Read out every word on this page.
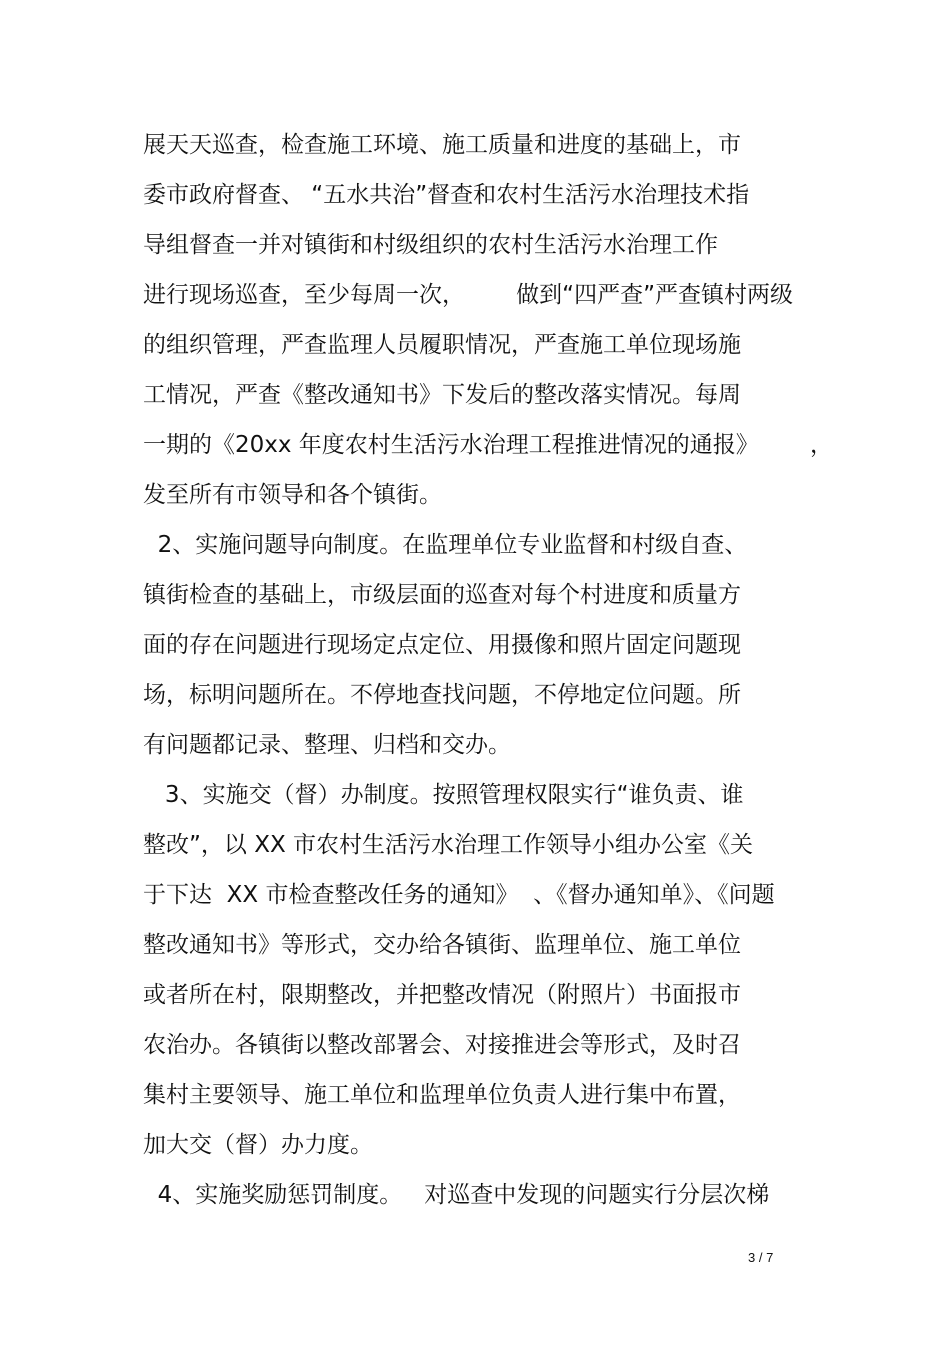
展天天巡查，检查施工环境、施工质量和进度的基础上，市
委市政府督查、 “五水共治”督查和农村生活污水治理技术指
导组督查一并对镇街和村级组织的农村生活污水治理工作
进行现场巡查，至少每周一次，       做到“四严查”严查镇村两级
的组织管理，严查监理人员履职情况，严查施工单位现场施
工情况，严查《整改通知书》下发后的整改落实情况。每周
一期的《20xx 年度农村生活污水治理工程推进情况的通报》       ，
发至所有市领导和各个镇街。
2、实施问题导向制度。在监理单位专业监督和村级自查、
镇街检查的基础上，市级层面的巡查对每个村进度和质量方
面的存在问题进行现场定点定位、用摄像和照片固定问题现
场，标明问题所在。不停地查找问题，不停地定位问题。所
有问题都记录、整理、归档和交办。
3、实施交（督）办制度。按照管理权限实行“谁负责、谁
整改”，以 XX 市农村生活污水治理工作领导小组办公室《关
于下达  XX 市检查整改任务的通知》  、《督办通知单》、《问题
整改通知书》等形式，交办给各镇街、监理单位、施工单位
或者所在村，限期整改，并把整改情况（附照片）书面报市
农治办。各镇街以整改部署会、对接推进会等形式，及时召
集村主要领导、施工单位和监理单位负责人进行集中布置，
加大交（督）办力度。
4、实施奖励惩罚制度。   对巡查中发现的问题实行分层次梯
3 / 7
